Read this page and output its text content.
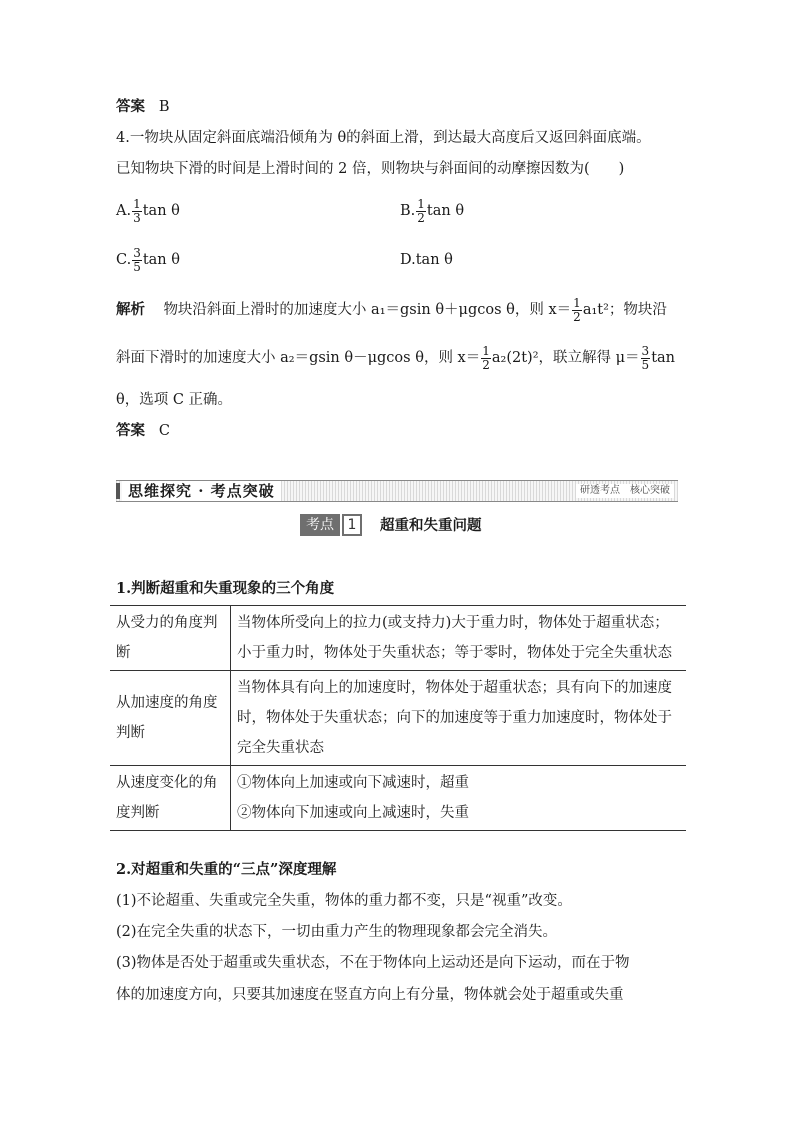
答案 B
4.一物块从固定斜面底端沿倾角为 θ的斜面上滑，到达最大高度后又返回斜面底端。
已知物块下滑的时间是上滑时间的 2 倍，则物块与斜面间的动摩擦因数为(　　)
A. $\frac{1}{3}$ tan θ	B. $\frac{1}{2}$ tan θ
C. $\frac{3}{5}$ tan θ	D.tan θ
解析 物块沿斜面上滑时的加速度大小 a₁＝gsin θ＋μgcos θ，则 $x= \frac{1}{2} a_1t^2$；物块沿
斜面下滑时的加速度大小 a₂＝gsin θ－μgcos θ，则 $x= \frac{1}{2} a_2(2t)^2$，联立解得 $\mu= \frac{3}{5}$ tan
θ，选项 C 正确。
答案 C
思维探究 · 考点突破	研透考点　核心突破
考点 1	超重和失重问题
1.判断超重和失重现象的三个角度
从受力的角度判断	当物体所受向上的拉力(或支持力)大于重力时，物体处于超重状态；小于重力时，物体处于失重状态；等于零时，物体处于完全失重状态
从加速度的角度判断	当物体具有向上的加速度时，物体处于超重状态；具有向下的加速度时，物体处于失重状态；向下的加速度等于重力加速度时，物体处于完全失重状态
从速度变化的角度判断	①物体向上加速或向下减速时，超重
②物体向下加速或向上减速时，失重
2.对超重和失重的“三点”深度理解
(1)不论超重、失重或完全失重，物体的重力都不变，只是“视重”改变。
(2)在完全失重的状态下，一切由重力产生的物理现象都会完全消失。
(3)物体是否处于超重或失重状态，不在于物体向上运动还是向下运动，而在于物
体的加速度方向，只要其加速度在竖直方向上有分量，物体就会处于超重或失重
